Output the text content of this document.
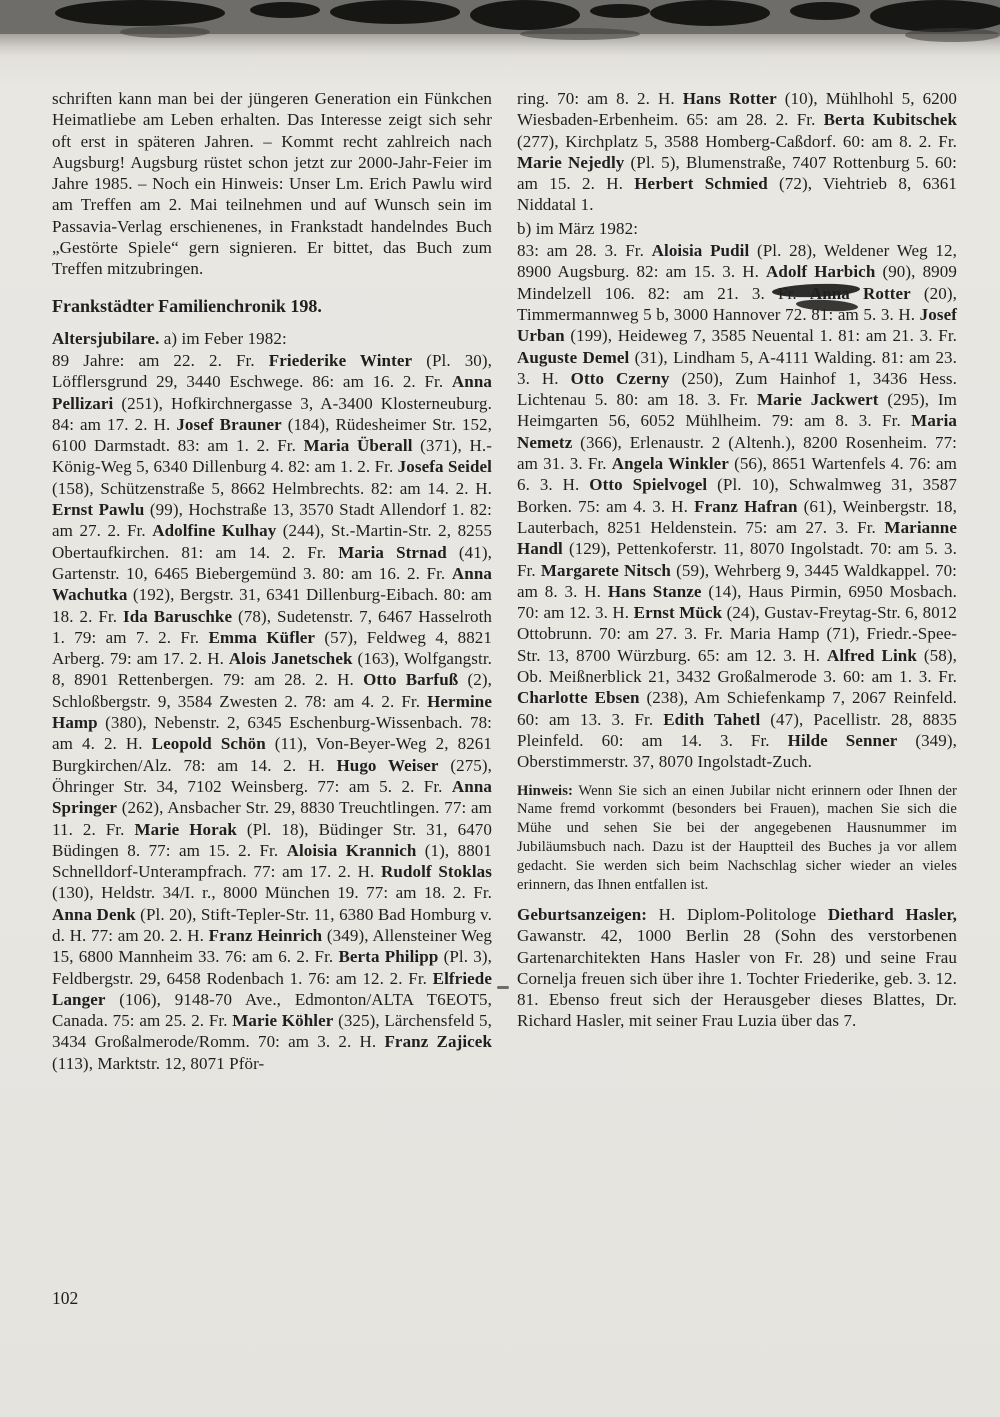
schriften kann man bei der jüngeren Generation ein Fünkchen Heimatliebe am Leben erhalten. Das Interesse zeigt sich sehr oft erst in späteren Jahren. – Kommt recht zahlreich nach Augsburg! Augsburg rüstet schon jetzt zur 2000-Jahr-Feier im Jahre 1985. – Noch ein Hinweis: Unser Lm. Erich Pawlu wird am Treffen am 2. Mai teilnehmen und auf Wunsch sein im Passavia-Verlag erschienenes, in Frankstadt handelndes Buch „Gestörte Spiele“ gern signieren. Er bittet, das Buch zum Treffen mitzubringen.

Frankstädter Familienchronik 198.

Altersjubilare. a) im Feber 1982:

89 Jahre: am 22. 2. Fr. Friederike Winter (Pl. 30), Löfflersgrund 29, 3440 Eschwege. 86: am 16. 2. Fr. Anna Pellizari (251), Hofkirchnergasse 3, A-3400 Klosterneuburg. 84: am 17. 2. H. Josef Brauner (184), Rüdesheimer Str. 152, 6100 Darmstadt. 83: am 1. 2. Fr. Maria Überall (371), H.-König-Weg 5, 6340 Dillenburg 4. 82: am 1. 2. Fr. Josefa Seidel (158), Schützenstraße 5, 8662 Helmbrechts. 82: am 14. 2. H. Ernst Pawlu (99), Hochstraße 13, 3570 Stadt Allendorf 1. 82: am 27. 2. Fr. Adolfine Kulhay (244), St.-Martin-Str. 2, 8255 Obertaufkirchen. 81: am 14. 2. Fr. Maria Strnad (41), Gartenstr. 10, 6465 Biebergemünd 3. 80: am 16. 2. Fr. Anna Wachutka (192), Bergstr. 31, 6341 Dillenburg-Eibach. 80: am 18. 2. Fr. Ida Baruschke (78), Sudetenstr. 7, 6467 Hasselroth 1. 79: am 7. 2. Fr. Emma Küfler (57), Feldweg 4, 8821 Arberg. 79: am 17. 2. H. Alois Janetschek (163), Wolfgangstr. 8, 8901 Rettenbergen. 79: am 28. 2. H. Otto Barfuß (2), Schloßbergstr. 9, 3584 Zwesten 2. 78: am 4. 2. Fr. Hermine Hamp (380), Nebenstr. 2, 6345 Eschenburg-Wissenbach. 78: am 4. 2. H. Leopold Schön (11), Von-Beyer-Weg 2, 8261 Burgkirchen/Alz. 78: am 14. 2. H. Hugo Weiser (275), Öhringer Str. 34, 7102 Weinsberg. 77: am 5. 2. Fr. Anna Springer (262), Ansbacher Str. 29, 8830 Treuchtlingen. 77: am 11. 2. Fr. Marie Horak (Pl. 18), Büdinger Str. 31, 6470 Büdingen 8. 77: am 15. 2. Fr. Aloisia Krannich (1), 8801 Schnelldorf-Unterampfrach. 77: am 17. 2. H. Rudolf Stoklas (130), Heldstr. 34/I. r., 8000 München 19. 77: am 18. 2. Fr. Anna Denk (Pl. 20), Stift-Tepler-Str. 11, 6380 Bad Homburg v. d. H. 77: am 20. 2. H. Franz Heinrich (349), Allensteiner Weg 15, 6800 Mannheim 33. 76: am 6. 2. Fr. Berta Philipp (Pl. 3), Feldbergstr. 29, 6458 Rodenbach 1. 76: am 12. 2. Fr. Elfriede Langer (106), 9148-70 Ave., Edmonton/ALTA T6EOT5, Canada. 75: am 25. 2. Fr. Marie Köhler (325), Lärchensfeld 5, 3434 Großalmerode/Romm. 70: am 3. 2. H. Franz Zajicek (113), Marktstr. 12, 8071 Pför-

ring. 70: am 8. 2. H. Hans Rotter (10), Mühlhohl 5, 6200 Wiesbaden-Erbenheim. 65: am 28. 2. Fr. Berta Kubitschek (277), Kirchplatz 5, 3588 Homberg-Caßdorf. 60: am 8. 2. Fr. Marie Nejedly (Pl. 5), Blumenstraße, 7407 Rottenburg 5. 60: am 15. 2. H. Herbert Schmied (72), Viehtrieb 8, 6361 Niddatal 1.

b) im März 1982:

83: am 28. 3. Fr. Aloisia Pudil (Pl. 28), Weldener Weg 12, 8900 Augsburg. 82: am 15. 3. H. Adolf Harbich (90), 8909 Mindelzell 106. 82: am 21. 3. Fr. Anna Rotter (20), Timmermannweg 5 b, 3000 Hannover 72. 81: am 5. 3. H. Josef Urban (199), Heideweg 7, 3585 Neuental 1. 81: am 21. 3. Fr. Auguste Demel (31), Lindham 5, A-4111 Walding. 81: am 23. 3. H. Otto Czerny (250), Zum Hainhof 1, 3436 Hess. Lichtenau 5. 80: am 18. 3. Fr. Marie Jackwert (295), Im Heimgarten 56, 6052 Mühlheim. 79: am 8. 3. Fr. Maria Nemetz (366), Erlenaustr. 2 (Altenh.), 8200 Rosenheim. 77: am 31. 3. Fr. Angela Winkler (56), 8651 Wartenfels 4. 76: am 6. 3. H. Otto Spielvogel (Pl. 10), Schwalmweg 31, 3587 Borken. 75: am 4. 3. H. Franz Hafran (61), Weinbergstr. 18, Lauterbach, 8251 Heldenstein. 75: am 27. 3. Fr. Marianne Handl (129), Pettenkoferstr. 11, 8070 Ingolstadt. 70: am 5. 3. Fr. Margarete Nitsch (59), Wehrberg 9, 3445 Waldkappel. 70: am 8. 3. H. Hans Stanze (14), Haus Pirmin, 6950 Mosbach. 70: am 12. 3. H. Ernst Mück (24), Gustav-Freytag-Str. 6, 8012 Ottobrunn. 70: am 27. 3. Fr. Maria Hamp (71), Friedr.-Spee-Str. 13, 8700 Würzburg. 65: am 12. 3. H. Alfred Link (58), Ob. Meißnerblick 21, 3432 Großalmerode 3. 60: am 1. 3. Fr. Charlotte Ebsen (238), Am Schiefenkamp 7, 2067 Reinfeld. 60: am 13. 3. Fr. Edith Tahetl (47), Pacellistr. 28, 8835 Pleinfeld. 60: am 14. 3. Fr. Hilde Senner (349), Oberstimmerstr. 37, 8070 Ingolstadt-Zuch.

Hinweis: Wenn Sie sich an einen Jubilar nicht erinnern oder Ihnen der Name fremd vorkommt (besonders bei Frauen), machen Sie sich die Mühe und sehen Sie bei der angegebenen Hausnummer im Jubiläumsbuch nach. Dazu ist der Hauptteil des Buches ja vor allem gedacht. Sie werden sich beim Nachschlag sicher wieder an vieles erinnern, das Ihnen entfallen ist.

Geburtsanzeigen: H. Diplom-Politologe Diethard Hasler, Gawanstr. 42, 1000 Berlin 28 (Sohn des verstorbenen Gartenarchitekten Hans Hasler von Fr. 28) und seine Frau Cornelja freuen sich über ihre 1. Tochter Friederike, geb. 3. 12. 81. Ebenso freut sich der Herausgeber dieses Blattes, Dr. Richard Hasler, mit seiner Frau Luzia über das 7.

102
